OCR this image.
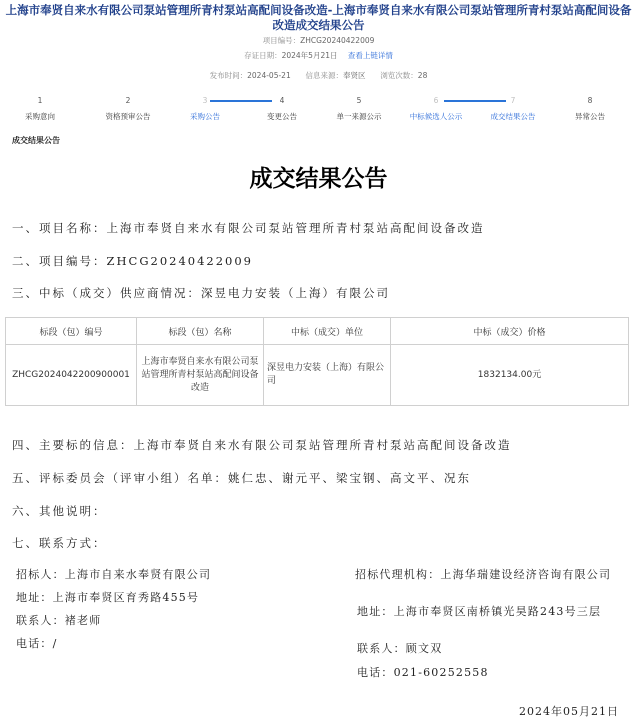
上海市奉贤自来水有限公司泵站管理所青村泵站高配间设备改造-上海市奉贤自来水有限公司泵站管理所青村泵站高配间设备改造成交结果公告
项目编号：ZHCG20240422009
存证日期：2024年5月21日 查看上链详情
发布时间：2024-05-21 信息来源：奉贤区 浏览次数：28
1
采购意向
2
资格预审公告
3
采购公告
4
变更公告
5
单一来源公示
6
中标候选人公示
7
成交结果公告
8
异常公告
成交结果公告
成交结果公告
一、项目名称：上海市奉贤自来水有限公司泵站管理所青村泵站高配间设备改造
二、项目编号：ZHCG20240422009
三、中标（成交）供应商情况：深昱电力安装（上海）有限公司
标段（包）编号	标段（包）名称	中标（成交）单位	中标（成交）价格
ZHCG2024042200900001	上海市奉贤自来水有限公司泵站管理所青村泵站高配间设备改造	深昱电力安装（上海）有限公司	1832134.00元
四、主要标的信息：上海市奉贤自来水有限公司泵站管理所青村泵站高配间设备改造
五、评标委员会（评审小组）名单：姚仁忠、谢元平、梁宝钢、高文平、况东
六、其他说明：
七、联系方式：
招标人：上海市自来水奉贤有限公司
地址：上海市奉贤区育秀路455号
联系人：褚老师
电话：/
招标代理机构：上海华瑞建设经济咨询有限公司
地址：上海市奉贤区南桥镇光昊路243号三层
联系人：顾文双
电话：021-60252558
2024年05月21日
